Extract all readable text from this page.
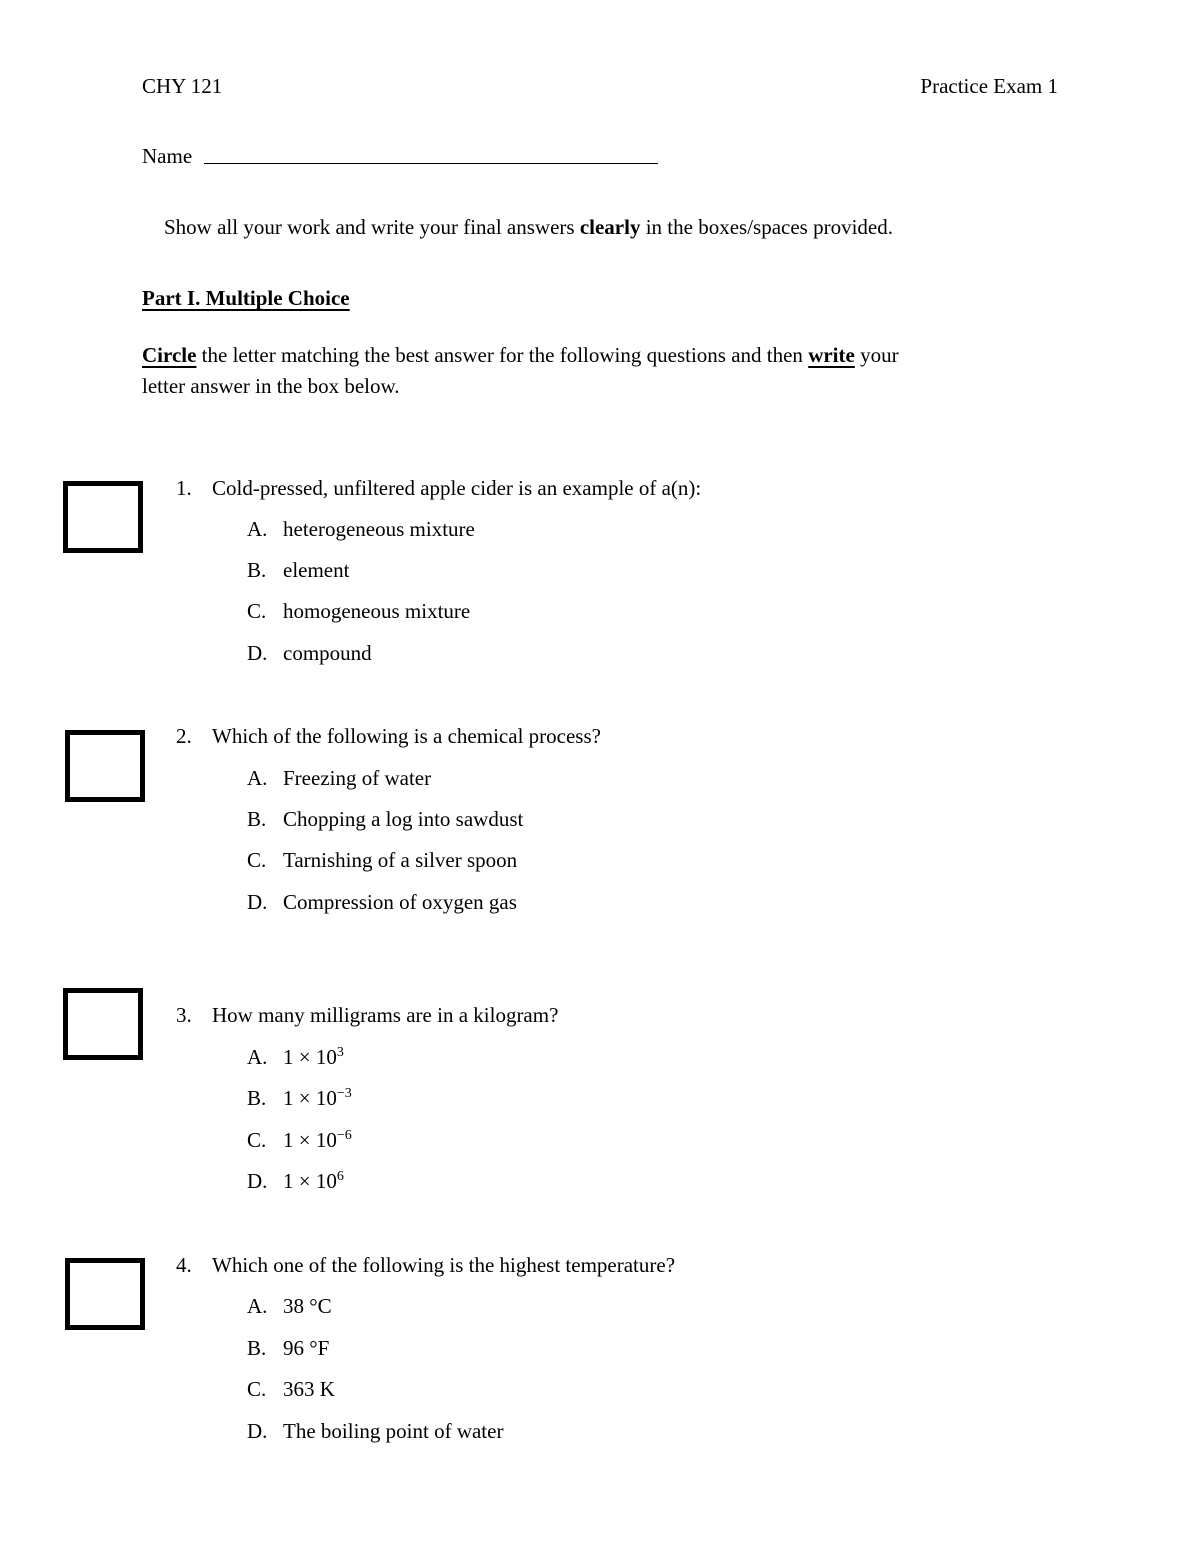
CHY 121	Practice Exam 1
Name
Show all your work and write your final answers clearly in the boxes/spaces provided.
Part I. Multiple Choice
Circle the letter matching the best answer for the following questions and then write your
letter answer in the box below.
1. Cold-pressed, unfiltered apple cider is an example of a(n):
A. heterogeneous mixture
B. element
C. homogeneous mixture
D. compound
2. Which of the following is a chemical process?
A. Freezing of water
B. Chopping a log into sawdust
C. Tarnishing of a silver spoon
D. Compression of oxygen gas
3. How many milligrams are in a kilogram?
A. $1 \times 10^3$
B. $1 \times 10^{-3}$
C. $1 \times 10^{-6}$
D. $1 \times 10^6$
4. Which one of the following is the highest temperature?
A. 38 °C
B. 96 °F
C. 363 K
D. The boiling point of water
